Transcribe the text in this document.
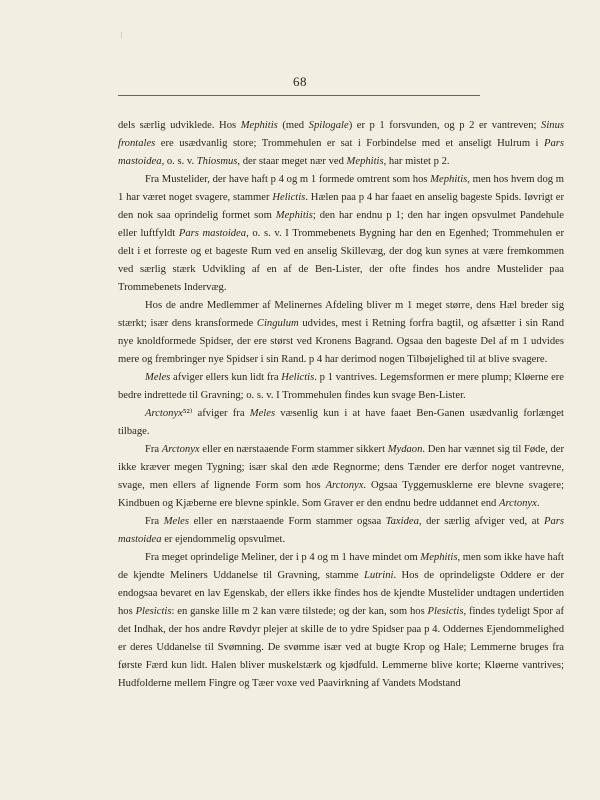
/
68

dels særlig udviklede. Hos Mephitis (med Spilogale) er p 1 forsvunden, og p 2 er vantreven; Sinus frontales ere usædvanlig store; Trommehulen er sat i Forbindelse med et anseligt Hulrum i Pars mastoidea, o. s. v. Thiosmus, der staar meget nær ved Mephitis, har mistet p 2.

Fra Mustelider, der have haft p 4 og m 1 formede omtrent som hos Mephitis, men hos hvem dog m 1 har været noget svagere, stammer Helictis. Hælen paa p 4 har faaet en anselig bageste Spids. Iøvrigt er den nok saa oprindelig formet som Mephitis; den har endnu p 1; den har ingen opsvulmet Pandehule eller luftfyldt Pars mastoidea, o. s. v. I Trommebenets Bygning har den en Egenhed; Trommehulen er delt i et forreste og et bageste Rum ved en anselig Skillevæg, der dog kun synes at være fremkommen ved særlig stærk Udvikling af en af de Ben-Lister, der ofte findes hos andre Mustelider paa Trommebenets Indervæg.

Hos de andre Medlemmer af Melinernes Afdeling bliver m 1 meget større, dens Hæl breder sig stærkt; især dens kransformede Cingulum udvides, mest i Retning forfra bagtil, og afsætter i sin Rand nye knoldformede Spidser, der ere størst ved Kronens Bagrand. Ogsaa den bageste Del af m 1 udvides mere og frembringer nye Spidser i sin Rand. p 4 har derimod nogen Tilbøjelighed til at blive svagere.

Meles afviger ellers kun lidt fra Helictis. p 1 vantrives. Legemsformen er mere plump; Kløerne ere bedre indrettede til Gravning; o. s. v. I Trommehulen findes kun svage Ben-Lister.

Arctonyx⁵²⁾ afviger fra Meles væsenlig kun i at have faaet Ben-Ganen usædvanlig forlænget tilbage.

Fra Arctonyx eller en nærstaaende Form stammer sikkert Mydaon. Den har vænnet sig til Føde, der ikke kræver megen Tygning; især skal den æde Regnorme; dens Tænder ere derfor noget vantrevne, svage, men ellers af lignende Form som hos Arctonyx. Ogsaa Tyggemusklerne ere blevne svagere; Kindbuen og Kjæberne ere blevne spinkle. Som Graver er den endnu bedre uddannet end Arctonyx.

Fra Meles eller en nærstaaende Form stammer ogsaa Taxidea, der særlig afviger ved, at Pars mastoidea er ejendommelig opsvulmet.

Fra meget oprindelige Meliner, der i p 4 og m 1 have mindet om Mephitis, men som ikke have haft de kjendte Meliners Uddanelse til Gravning, stamme Lutrini. Hos de oprindeligste Oddere er der endogsaa bevaret en lav Egenskab, der ellers ikke findes hos de kjendte Mustelider undtagen undertiden hos Plesictis: en ganske lille m 2 kan være tilstede; og der kan, som hos Plesictis, findes tydeligt Spor af det Indhak, der hos andre Røvdyr plejer at skille de to ydre Spidser paa p 4. Oddernes Ejendommelighed er deres Uddanelse til Svømning. De svømme især ved at bugte Krop og Hale; Lemmerne bruges fra første Færd kun lidt. Halen bliver muskelstærk og kjødfuld. Lemmerne blive korte; Kløerne vantrives; Hudfolderne mellem Fingre og Tæer voxe ved Paavirkning af Vandets Modstand
